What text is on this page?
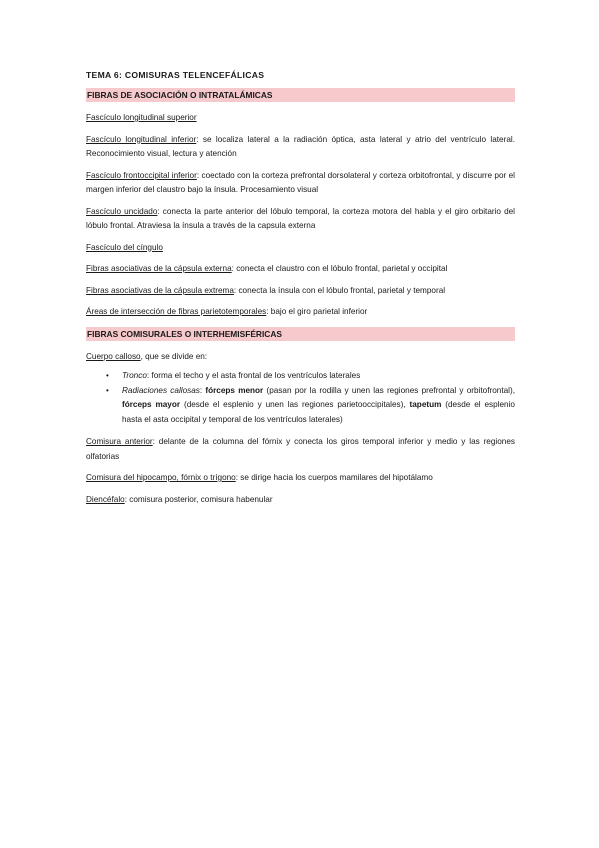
TEMA 6: COMISURAS TELENCEFÁLICAS
FIBRAS DE ASOCIACIÓN O INTRATALÁMICAS

Fascículo longitudinal superior

Fascículo longitudinal inferior: se localiza lateral a la radiación óptica, asta lateral y atrio del ventrículo lateral. Reconocimiento visual, lectura y atención

Fascículo frontoccipital inferior: coectado con la corteza prefrontal dorsolateral y corteza orbitofrontal, y discurre por el margen inferior del claustro bajo la ínsula. Procesamiento visual

Fascículo uncidado: conecta la parte anterior del lóbulo temporal, la corteza motora del habla y el giro orbitario del lóbulo frontal. Atraviesa la ínsula a través de la capsula externa

Fascículo del cíngulo

Fibras asociativas de la cápsula externa: conecta el claustro con el lóbulo frontal, parietal y occipital

Fibras asociativas de la cápsula extrema: conecta la ínsula con el lóbulo frontal, parietal y temporal

Áreas de intersección de fibras parietotemporales: bajo el giro parietal inferior

FIBRAS COMISURALES O INTERHEMISFÉRICAS

Cuerpo calloso, que se divide en:

• Tronco: forma el techo y el asta frontal de los ventrículos laterales
• Radiaciones callosas: fórceps menor (pasan por la rodilla y unen las regiones prefrontal y orbitofrontal), fórceps mayor (desde el esplenio y unen las regiones parietooccipitales), tapetum (desde el esplenio hasta el asta occipital y temporal de los ventrículos laterales)

Comisura anterior: delante de la columna del fórnix y conecta los giros temporal inferior y medio y las regiones olfatorias

Comisura del hipocampo, fórnix o trígono: se dirige hacia los cuerpos mamilares del hipotálamo

Diencéfalo: comisura posterior, comisura habenular
